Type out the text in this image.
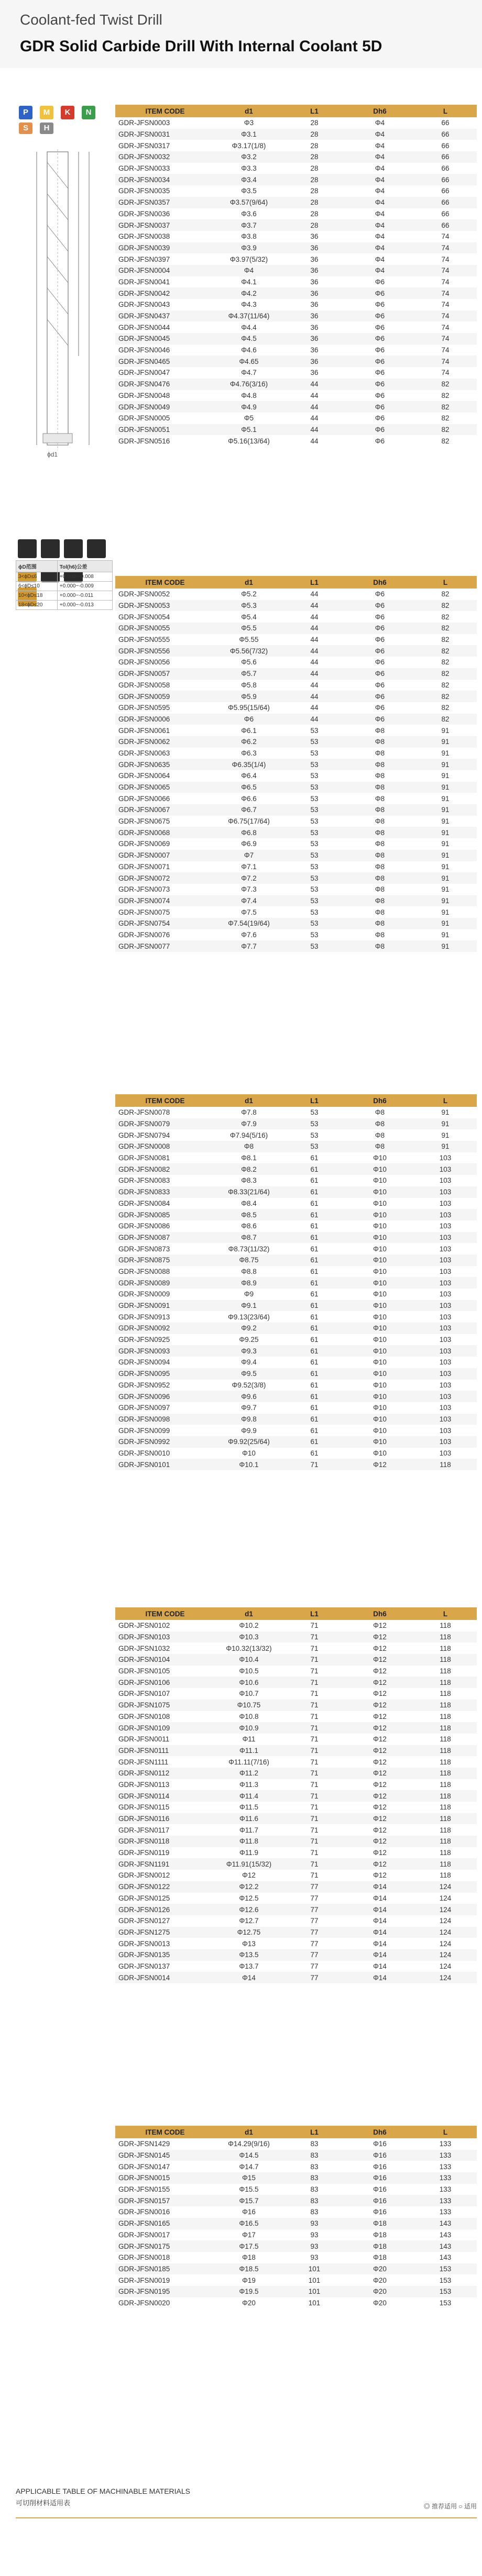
Coolant-fed Twist Drill
GDR Solid Carbide Drill With Internal Coolant 5D
P	M	K	N
S	H
ϕd1
ϕD范围	Tol(h6)公差
3<ϕD≤6	+0.000~-0.008
6<ϕD≤10	+0.000~-0.009
10<ϕD≤18	+0.000~-0.011
18<ϕD≤20	+0.000~-0.013
ITEM CODE	d1	L1	Dh6	L
GDR-JFSN0003	Φ3	28	Φ4	66
GDR-JFSN0031	Φ3.1	28	Φ4	66
GDR-JFSN0317	Φ3.17(1/8)	28	Φ4	66
GDR-JFSN0032	Φ3.2	28	Φ4	66
GDR-JFSN0033	Φ3.3	28	Φ4	66
GDR-JFSN0034	Φ3.4	28	Φ4	66
GDR-JFSN0035	Φ3.5	28	Φ4	66
GDR-JFSN0357	Φ3.57(9/64)	28	Φ4	66
GDR-JFSN0036	Φ3.6	28	Φ4	66
GDR-JFSN0037	Φ3.7	28	Φ4	66
GDR-JFSN0038	Φ3.8	36	Φ4	74
GDR-JFSN0039	Φ3.9	36	Φ4	74
GDR-JFSN0397	Φ3.97(5/32)	36	Φ4	74
GDR-JFSN0004	Φ4	36	Φ4	74
GDR-JFSN0041	Φ4.1	36	Φ6	74
GDR-JFSN0042	Φ4.2	36	Φ6	74
GDR-JFSN0043	Φ4.3	36	Φ6	74
GDR-JFSN0437	Φ4.37(11/64)	36	Φ6	74
GDR-JFSN0044	Φ4.4	36	Φ6	74
GDR-JFSN0045	Φ4.5	36	Φ6	74
GDR-JFSN0046	Φ4.6	36	Φ6	74
GDR-JFSN0465	Φ4.65	36	Φ6	74
GDR-JFSN0047	Φ4.7	36	Φ6	74
GDR-JFSN0476	Φ4.76(3/16)	44	Φ6	82
GDR-JFSN0048	Φ4.8	44	Φ6	82
GDR-JFSN0049	Φ4.9	44	Φ6	82
GDR-JFSN0005	Φ5	44	Φ6	82
GDR-JFSN0051	Φ5.1	44	Φ6	82
GDR-JFSN0516	Φ5.16(13/64)	44	Φ6	82
ITEM CODE	d1	L1	Dh6	L
GDR-JFSN0052	Φ5.2	44	Φ6	82
GDR-JFSN0053	Φ5.3	44	Φ6	82
GDR-JFSN0054	Φ5.4	44	Φ6	82
GDR-JFSN0055	Φ5.5	44	Φ6	82
GDR-JFSN0555	Φ5.55	44	Φ6	82
GDR-JFSN0556	Φ5.56(7/32)	44	Φ6	82
GDR-JFSN0056	Φ5.6	44	Φ6	82
GDR-JFSN0057	Φ5.7	44	Φ6	82
GDR-JFSN0058	Φ5.8	44	Φ6	82
GDR-JFSN0059	Φ5.9	44	Φ6	82
GDR-JFSN0595	Φ5.95(15/64)	44	Φ6	82
GDR-JFSN0006	Φ6	44	Φ6	82
GDR-JFSN0061	Φ6.1	53	Φ8	91
GDR-JFSN0062	Φ6.2	53	Φ8	91
GDR-JFSN0063	Φ6.3	53	Φ8	91
GDR-JFSN0635	Φ6.35(1/4)	53	Φ8	91
GDR-JFSN0064	Φ6.4	53	Φ8	91
GDR-JFSN0065	Φ6.5	53	Φ8	91
GDR-JFSN0066	Φ6.6	53	Φ8	91
GDR-JFSN0067	Φ6.7	53	Φ8	91
GDR-JFSN0675	Φ6.75(17/64)	53	Φ8	91
GDR-JFSN0068	Φ6.8	53	Φ8	91
GDR-JFSN0069	Φ6.9	53	Φ8	91
GDR-JFSN0007	Φ7	53	Φ8	91
GDR-JFSN0071	Φ7.1	53	Φ8	91
GDR-JFSN0072	Φ7.2	53	Φ8	91
GDR-JFSN0073	Φ7.3	53	Φ8	91
GDR-JFSN0074	Φ7.4	53	Φ8	91
GDR-JFSN0075	Φ7.5	53	Φ8	91
GDR-JFSN0754	Φ7.54(19/64)	53	Φ8	91
GDR-JFSN0076	Φ7.6	53	Φ8	91
GDR-JFSN0077	Φ7.7	53	Φ8	91
ITEM CODE	d1	L1	Dh6	L
GDR-JFSN0078	Φ7.8	53	Φ8	91
GDR-JFSN0079	Φ7.9	53	Φ8	91
GDR-JFSN0794	Φ7.94(5/16)	53	Φ8	91
GDR-JFSN0008	Φ8	53	Φ8	91
GDR-JFSN0081	Φ8.1	61	Φ10	103
GDR-JFSN0082	Φ8.2	61	Φ10	103
GDR-JFSN0083	Φ8.3	61	Φ10	103
GDR-JFSN0833	Φ8.33(21/64)	61	Φ10	103
GDR-JFSN0084	Φ8.4	61	Φ10	103
GDR-JFSN0085	Φ8.5	61	Φ10	103
GDR-JFSN0086	Φ8.6	61	Φ10	103
GDR-JFSN0087	Φ8.7	61	Φ10	103
GDR-JFSN0873	Φ8.73(11/32)	61	Φ10	103
GDR-JFSN0875	Φ8.75	61	Φ10	103
GDR-JFSN0088	Φ8.8	61	Φ10	103
GDR-JFSN0089	Φ8.9	61	Φ10	103
GDR-JFSN0009	Φ9	61	Φ10	103
GDR-JFSN0091	Φ9.1	61	Φ10	103
GDR-JFSN0913	Φ9.13(23/64)	61	Φ10	103
GDR-JFSN0092	Φ9.2	61	Φ10	103
GDR-JFSN0925	Φ9.25	61	Φ10	103
GDR-JFSN0093	Φ9.3	61	Φ10	103
GDR-JFSN0094	Φ9.4	61	Φ10	103
GDR-JFSN0095	Φ9.5	61	Φ10	103
GDR-JFSN0952	Φ9.52(3/8)	61	Φ10	103
GDR-JFSN0096	Φ9.6	61	Φ10	103
GDR-JFSN0097	Φ9.7	61	Φ10	103
GDR-JFSN0098	Φ9.8	61	Φ10	103
GDR-JFSN0099	Φ9.9	61	Φ10	103
GDR-JFSN0992	Φ9.92(25/64)	61	Φ10	103
GDR-JFSN0010	Φ10	61	Φ10	103
GDR-JFSN0101	Φ10.1	71	Φ12	118
ITEM CODE	d1	L1	Dh6	L
GDR-JFSN0102	Φ10.2	71	Φ12	118
GDR-JFSN0103	Φ10.3	71	Φ12	118
GDR-JFSN1032	Φ10.32(13/32)	71	Φ12	118
GDR-JFSN0104	Φ10.4	71	Φ12	118
GDR-JFSN0105	Φ10.5	71	Φ12	118
GDR-JFSN0106	Φ10.6	71	Φ12	118
GDR-JFSN0107	Φ10.7	71	Φ12	118
GDR-JFSN1075	Φ10.75	71	Φ12	118
GDR-JFSN0108	Φ10.8	71	Φ12	118
GDR-JFSN0109	Φ10.9	71	Φ12	118
GDR-JFSN0011	Φ11	71	Φ12	118
GDR-JFSN0111	Φ11.1	71	Φ12	118
GDR-JFSN1111	Φ11.11(7/16)	71	Φ12	118
GDR-JFSN0112	Φ11.2	71	Φ12	118
GDR-JFSN0113	Φ11.3	71	Φ12	118
GDR-JFSN0114	Φ11.4	71	Φ12	118
GDR-JFSN0115	Φ11.5	71	Φ12	118
GDR-JFSN0116	Φ11.6	71	Φ12	118
GDR-JFSN0117	Φ11.7	71	Φ12	118
GDR-JFSN0118	Φ11.8	71	Φ12	118
GDR-JFSN0119	Φ11.9	71	Φ12	118
GDR-JFSN1191	Φ11.91(15/32)	71	Φ12	118
GDR-JFSN0012	Φ12	71	Φ12	118
GDR-JFSN0122	Φ12.2	77	Φ14	124
GDR-JFSN0125	Φ12.5	77	Φ14	124
GDR-JFSN0126	Φ12.6	77	Φ14	124
GDR-JFSN0127	Φ12.7	77	Φ14	124
GDR-JFSN1275	Φ12.75	77	Φ14	124
GDR-JFSN0013	Φ13	77	Φ14	124
GDR-JFSN0135	Φ13.5	77	Φ14	124
GDR-JFSN0137	Φ13.7	77	Φ14	124
GDR-JFSN0014	Φ14	77	Φ14	124
ITEM CODE	d1	L1	Dh6	L
GDR-JFSN1429	Φ14.29(9/16)	83	Φ16	133
GDR-JFSN0145	Φ14.5	83	Φ16	133
GDR-JFSN0147	Φ14.7	83	Φ16	133
GDR-JFSN0015	Φ15	83	Φ16	133
GDR-JFSN0155	Φ15.5	83	Φ16	133
GDR-JFSN0157	Φ15.7	83	Φ16	133
GDR-JFSN0016	Φ16	83	Φ16	133
GDR-JFSN0165	Φ16.5	93	Φ18	143
GDR-JFSN0017	Φ17	93	Φ18	143
GDR-JFSN0175	Φ17.5	93	Φ18	143
GDR-JFSN0018	Φ18	93	Φ18	143
GDR-JFSN0185	Φ18.5	101	Φ20	153
GDR-JFSN0019	Φ19	101	Φ20	153
GDR-JFSN0195	Φ19.5	101	Φ20	153
GDR-JFSN0020	Φ20	101	Φ20	153
APPLICABLE TABLE OF MACHINABLE MATERIALS
可切削材料适用表	◎ 推荐适用 ○ 适用
